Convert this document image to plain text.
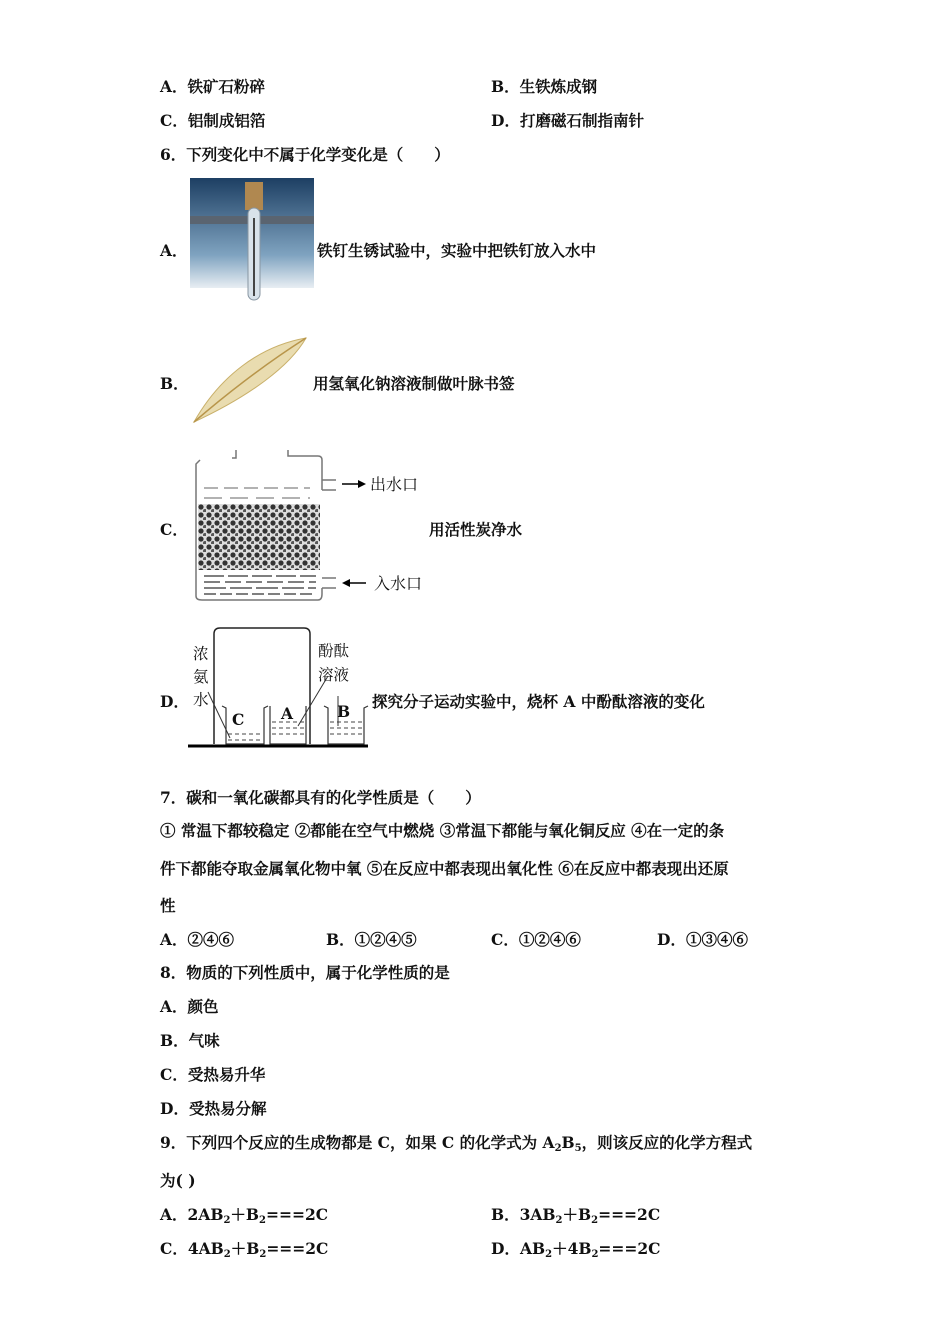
A．铁矿石粉碎	B．生铁炼成钢
C．铝制成铝箔	D．打磨磁石制指南针
6．下列变化中不属于化学变化是（　　）
A．	铁钉生锈试验中，实验中把铁钉放入水中
B．	用氢氧化钠溶液制做叶脉书签
C．
出水口
入水口
用活性炭净水
D．
浓
氨
水
酚酞
溶液
C A	B
探究分子运动实验中，烧杯 A 中酚酞溶液的变化
7．碳和一氧化碳都具有的化学性质是（　　）
① 常温下都较稳定 ②都能在空气中燃烧 ③常温下都能与氧化铜反应 ④在一定的条
件下都能夺取金属氧化物中氧 ⑤在反应中都表现出氧化性 ⑥在反应中都表现出还原
性
A．②④⑥	B．①②④⑤	C．①②④⑥	D．①③④⑥
8．物质的下列性质中，属于化学性质的是
A．颜色
B．气味
C．受热易升华
D．受热易分解
9．下列四个反应的生成物都是 C，如果 C 的化学式为 $A_2B_5$，则该反应的化学方程式
为( )
A．$2AB_2+B_2===2C$	B．$3AB_2+B_2===2C$
C．$4AB_2+B_2===2C$	D．$AB_2+4B_2===2C$
